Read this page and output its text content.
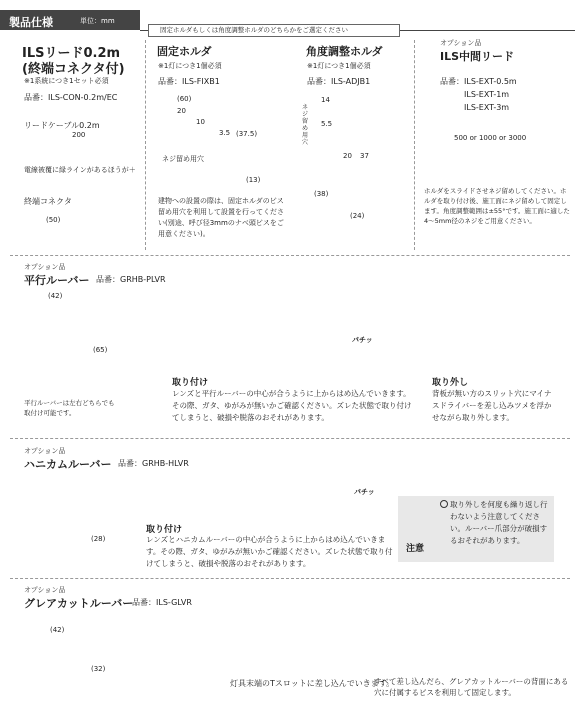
製品仕様	単位：mm
固定ホルダもしくは角度調整ホルダのどちらかをご選定ください
ILSリード0.2m
(終端コネクタ付)
※1系統につき1セット必須
品番：ILS-CON-0.2m/EC
リードケーブル0.2m
200
電線被覆に緑ラインがあるほうが＋
終端コネクタ
(50)
固定ホルダ
※1灯につき1個必須
品番：ILS-FIXB1
(60)
20
10
3.5 (37.5)
ネジ留め用穴
(13)
建物への設置の際は、固定ホルダのビス留め用穴を利用して設置を行ってください(別途、呼び径3mmのナベ頭ビスをご用意ください)。
角度調整ホルダ
※1灯につき1個必須
品番：ILS-ADJB1
14
5.5
20 37
ネジ留め用穴
(38)
(24)
オプション品
ILS中間リード
品番：ILS-EXT-0.5m
ILS-EXT-1m
ILS-EXT-3m
500 or 1000 or 3000
ホルダをスライドさせネジ留めしてください。ホルダを取り付け後、施工面にネジ留めして固定します。角度調整範囲は±55°です。施工面に適した4〜5mm径のネジをご用意ください。
オプション品
平行ルーバー 品番：GRHB-PLVR
(42)
(65)
平行ルーバーは左右どちらでも取付け可能です。
パチッ
取り付け
レンズと平行ルーバーの中心が合うように上からはめ込んでいきます。その際、ガタ、ゆがみが無いかご確認ください。ズレた状態で取り付けてしまうと、破損や脱落のおそれがあります。
取り外し
背板が無い方のスリット穴にマイナスドライバーを差し込みツメを浮かせながら取り外します。
オプション品
ハニカムルーバー 品番：GRHB-HLVR
(28)
パチッ
取り付け
レンズとハニカムルーバーの中心が合うように上からはめ込んでいきます。その際、ガタ、ゆがみが無いかご確認ください。ズレた状態で取り付けてしまうと、破損や脱落のおそれがあります。
注意
取り外しを何度も繰り返し行わないよう注意してください。ルーバー爪部分が破損するおそれがあります。
オプション品
グレアカットルーバー
品番：ILS-GLVR
(42)
(32)
灯具末端のTスロットに差し込んでいきます。
すべて差し込んだら、グレアカットルーバーの背面にある穴に付属するビスを利用して固定します。
